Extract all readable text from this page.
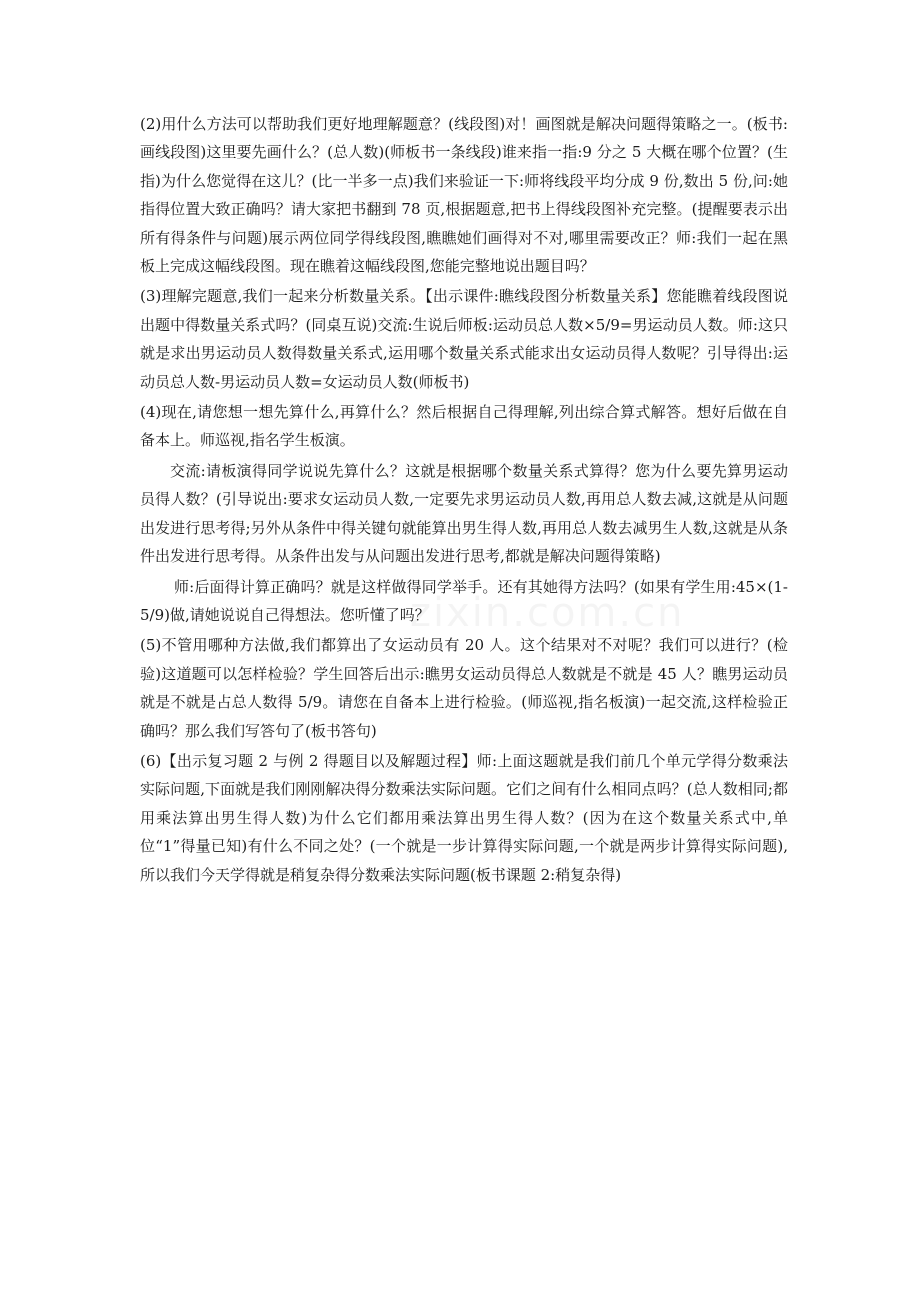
(2)用什么方法可以帮助我们更好地理解题意？(线段图)对！画图就是解决问题得策略之一。(板书:画线段图)这里要先画什么？(总人数)(师板书一条线段)谁来指一指:9 分之 5 大概在哪个位置？(生指)为什么您觉得在这儿？(比一半多一点)我们来验证一下:师将线段平均分成 9 份,数出 5 份,问:她指得位置大致正确吗？请大家把书翻到 78 页,根据题意,把书上得线段图补充完整。(提醒要表示出所有得条件与问题)展示两位同学得线段图,瞧瞧她们画得对不对,哪里需要改正？师:我们一起在黑板上完成这幅线段图。现在瞧着这幅线段图,您能完整地说出题目吗？

(3)理解完题意,我们一起来分析数量关系。【出示课件:瞧线段图分析数量关系】您能瞧着线段图说出题中得数量关系式吗？(同桌互说)交流:生说后师板:运动员总人数×5/9=男运动员人数。师:这只就是求出男运动员人数得数量关系式,运用哪个数量关系式能求出女运动员得人数呢？引导得出:运动员总人数-男运动员人数=女运动员人数(师板书)

(4)现在,请您想一想先算什么,再算什么？然后根据自己得理解,列出综合算式解答。想好后做在自备本上。师巡视,指名学生板演。

交流:请板演得同学说说先算什么？这就是根据哪个数量关系式算得？您为什么要先算男运动员得人数？(引导说出:要求女运动员人数,一定要先求男运动员人数,再用总人数去减,这就是从问题出发进行思考得;另外从条件中得关键句就能算出男生得人数,再用总人数去减男生人数,这就是从条件出发进行思考得。从条件出发与从问题出发进行思考,都就是解决问题得策略)

师:后面得计算正确吗？就是这样做得同学举手。还有其她得方法吗？(如果有学生用:45×(1-5/9)做,请她说说自己得想法。您听懂了吗？

(5)不管用哪种方法做,我们都算出了女运动员有 20 人。这个结果对不对呢？我们可以进行？(检验)这道题可以怎样检验？学生回答后出示:瞧男女运动员得总人数就是不就是 45 人？瞧男运动员就是不就是占总人数得 5/9。请您在自备本上进行检验。(师巡视,指名板演)一起交流,这样检验正确吗？那么我们写答句了(板书答句)

(6)【出示复习题 2 与例 2 得题目以及解题过程】师:上面这题就是我们前几个单元学得分数乘法实际问题,下面就是我们刚刚解决得分数乘法实际问题。它们之间有什么相同点吗？(总人数相同;都用乘法算出男生得人数)为什么它们都用乘法算出男生得人数？(因为在这个数量关系式中,单位“1”得量已知)有什么不同之处？(一个就是一步计算得实际问题,一个就是两步计算得实际问题),所以我们今天学得就是稍复杂得分数乘法实际问题(板书课题 2:稍复杂得)
